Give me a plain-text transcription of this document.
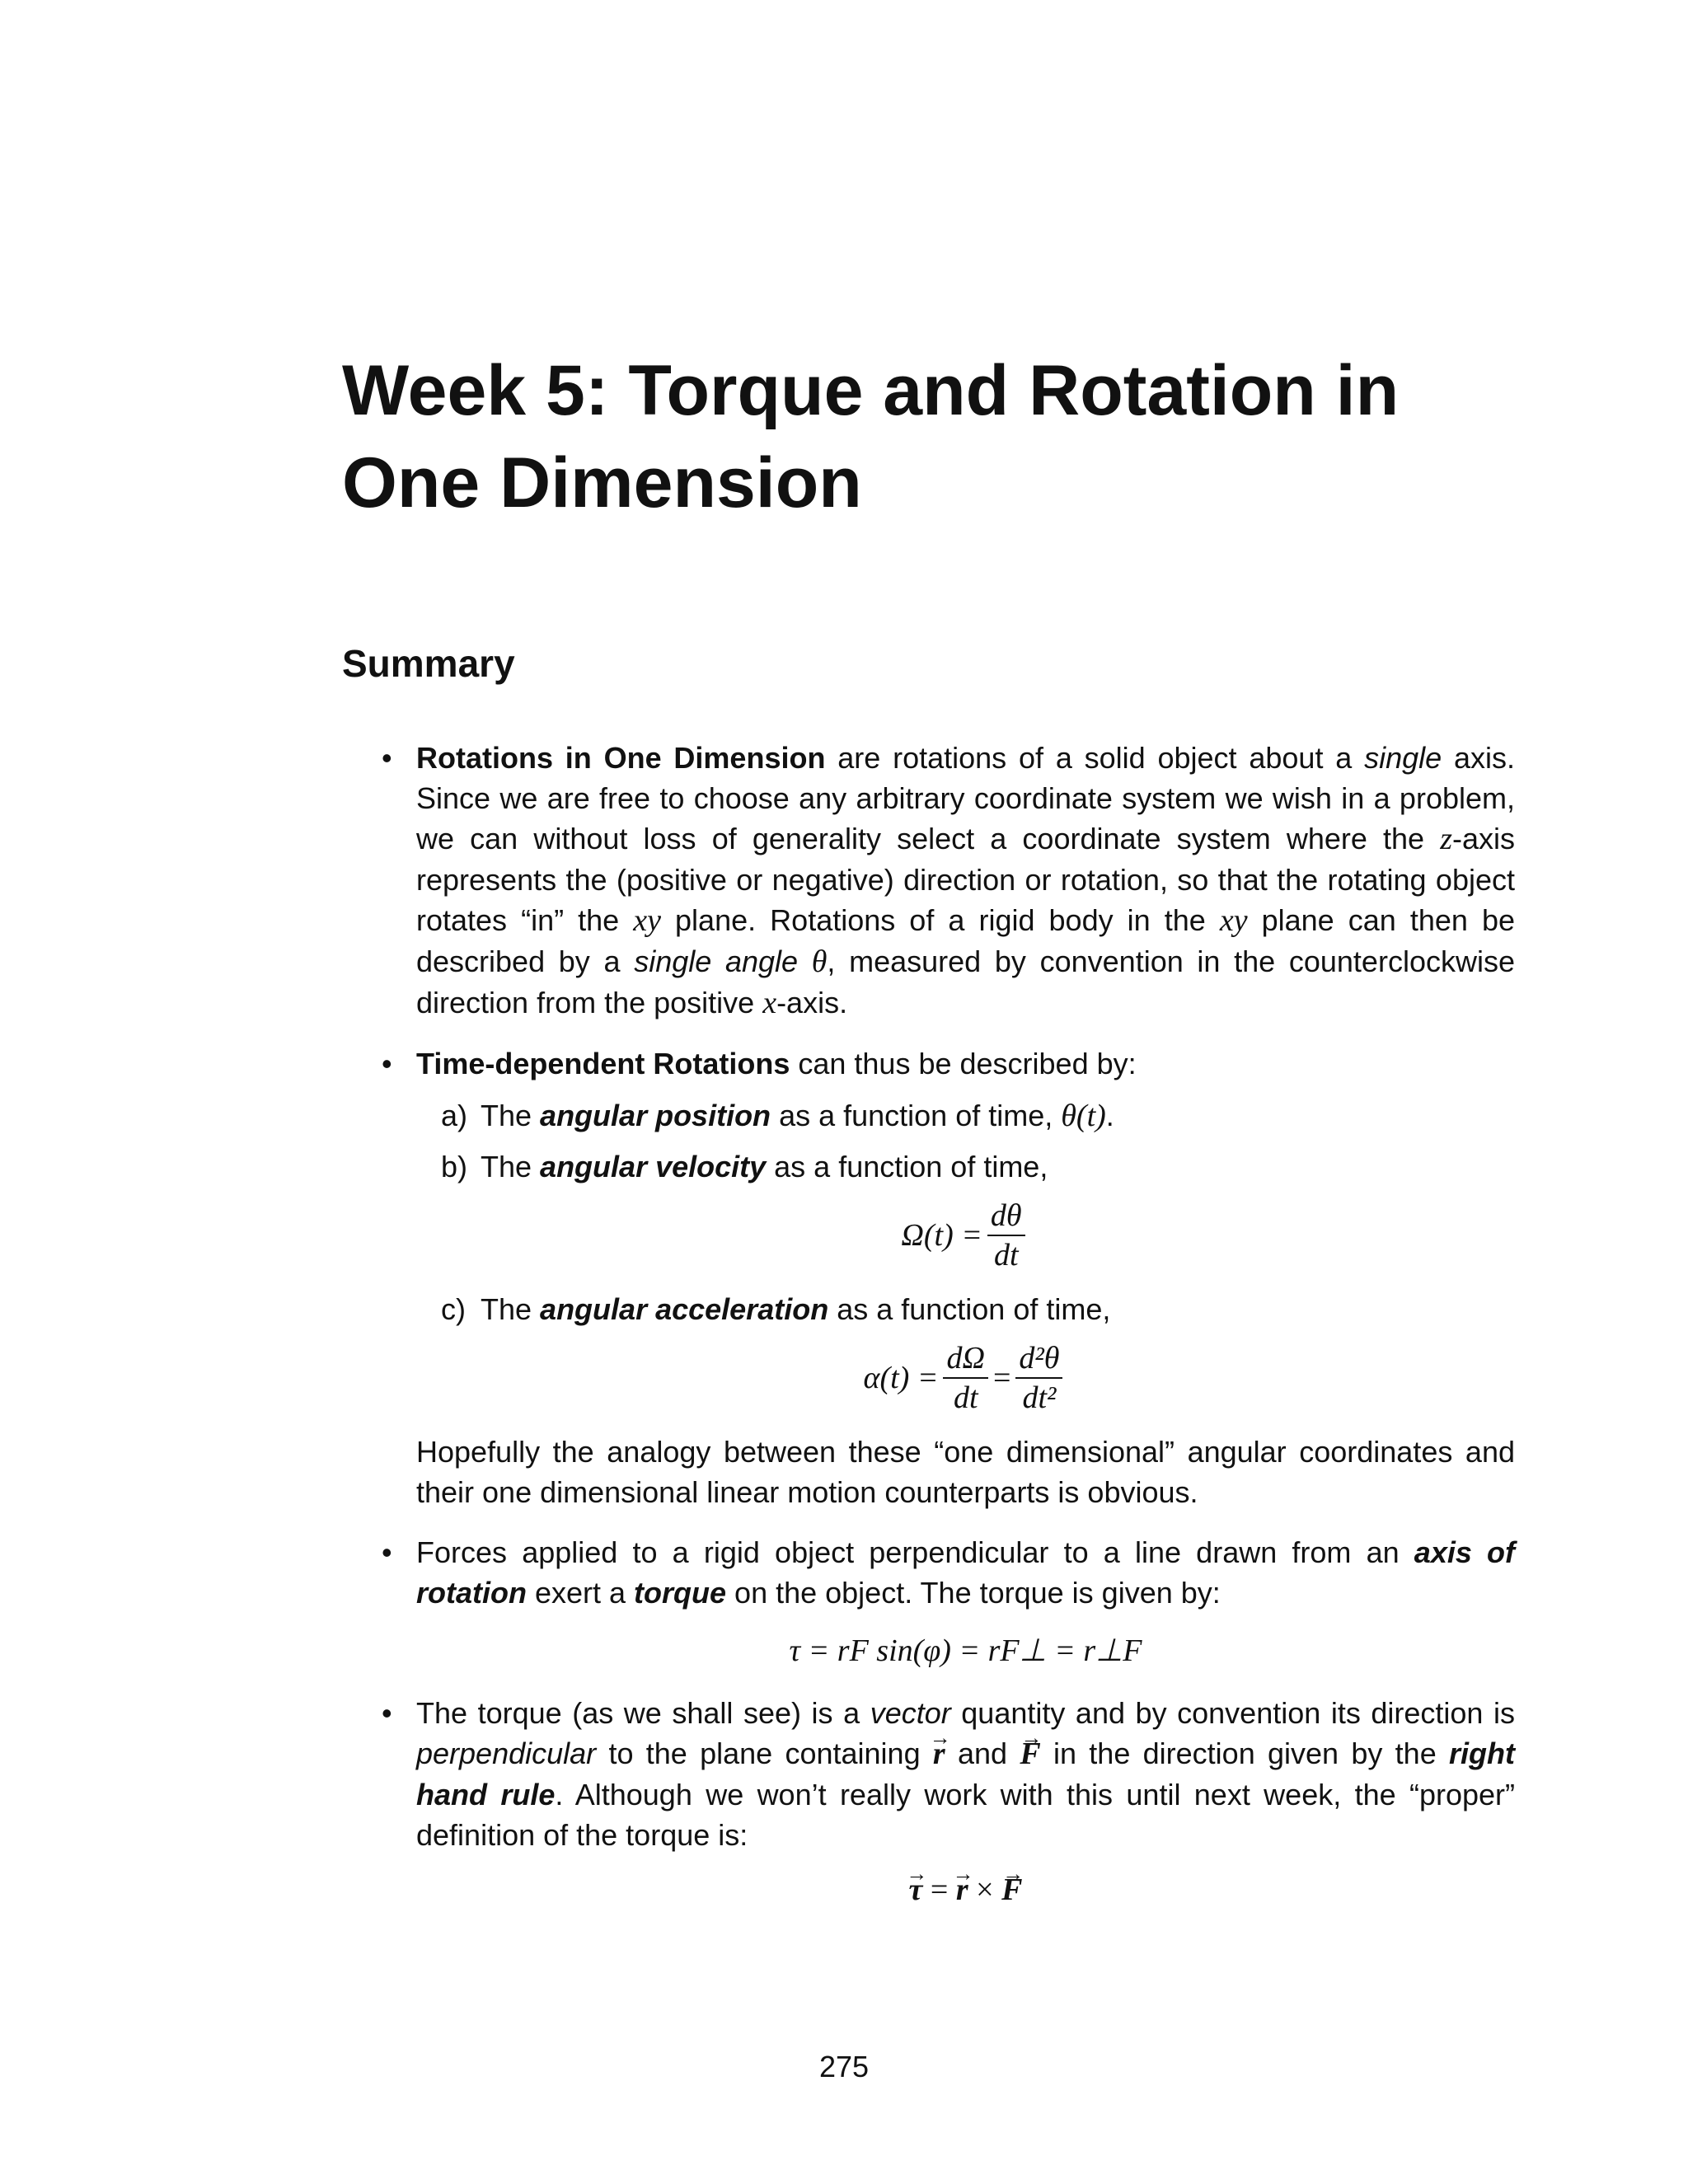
Week 5: Torque and Rotation in One Dimension
Summary
• Rotations in One Dimension are rotations of a solid object about a single axis. Since we are free to choose any arbitrary coordinate system we wish in a problem, we can without loss of generality select a coordinate system where the z-axis represents the (positive or negative) direction or rotation, so that the rotating object rotates “in” the xy plane. Rotations of a rigid body in the xy plane can then be described by a single angle θ, measured by convention in the counterclockwise direction from the positive x-axis.

• Time-dependent Rotations can thus be described by:

a) The angular position as a function of time, θ(t).
b) The angular velocity as a function of time,
$\Omega(t) = \frac{d\theta}{dt}$
c) The angular acceleration as a function of time,
$\alpha(t) = \frac{d\Omega}{dt} = \frac{\text{d²θ}}{\text{dt²}}$

Hopefully the analogy between these “one dimensional” angular coordinates and their one dimensional linear motion counterparts is obvious.

• Forces applied to a rigid object perpendicular to a line drawn from an axis of rotation exert a torque on the object. The torque is given by:

τ = rF sin(φ) = rF⊥ = r⊥F
• The torque (as we shall see) is a vector quantity and by convention its direction is perpendicular to the plane containing → r and → F in the direction given by the right hand rule. Although we won’t really work with this until next week, the “proper” definition of the torque is:

→ τ = → r × → F
275
